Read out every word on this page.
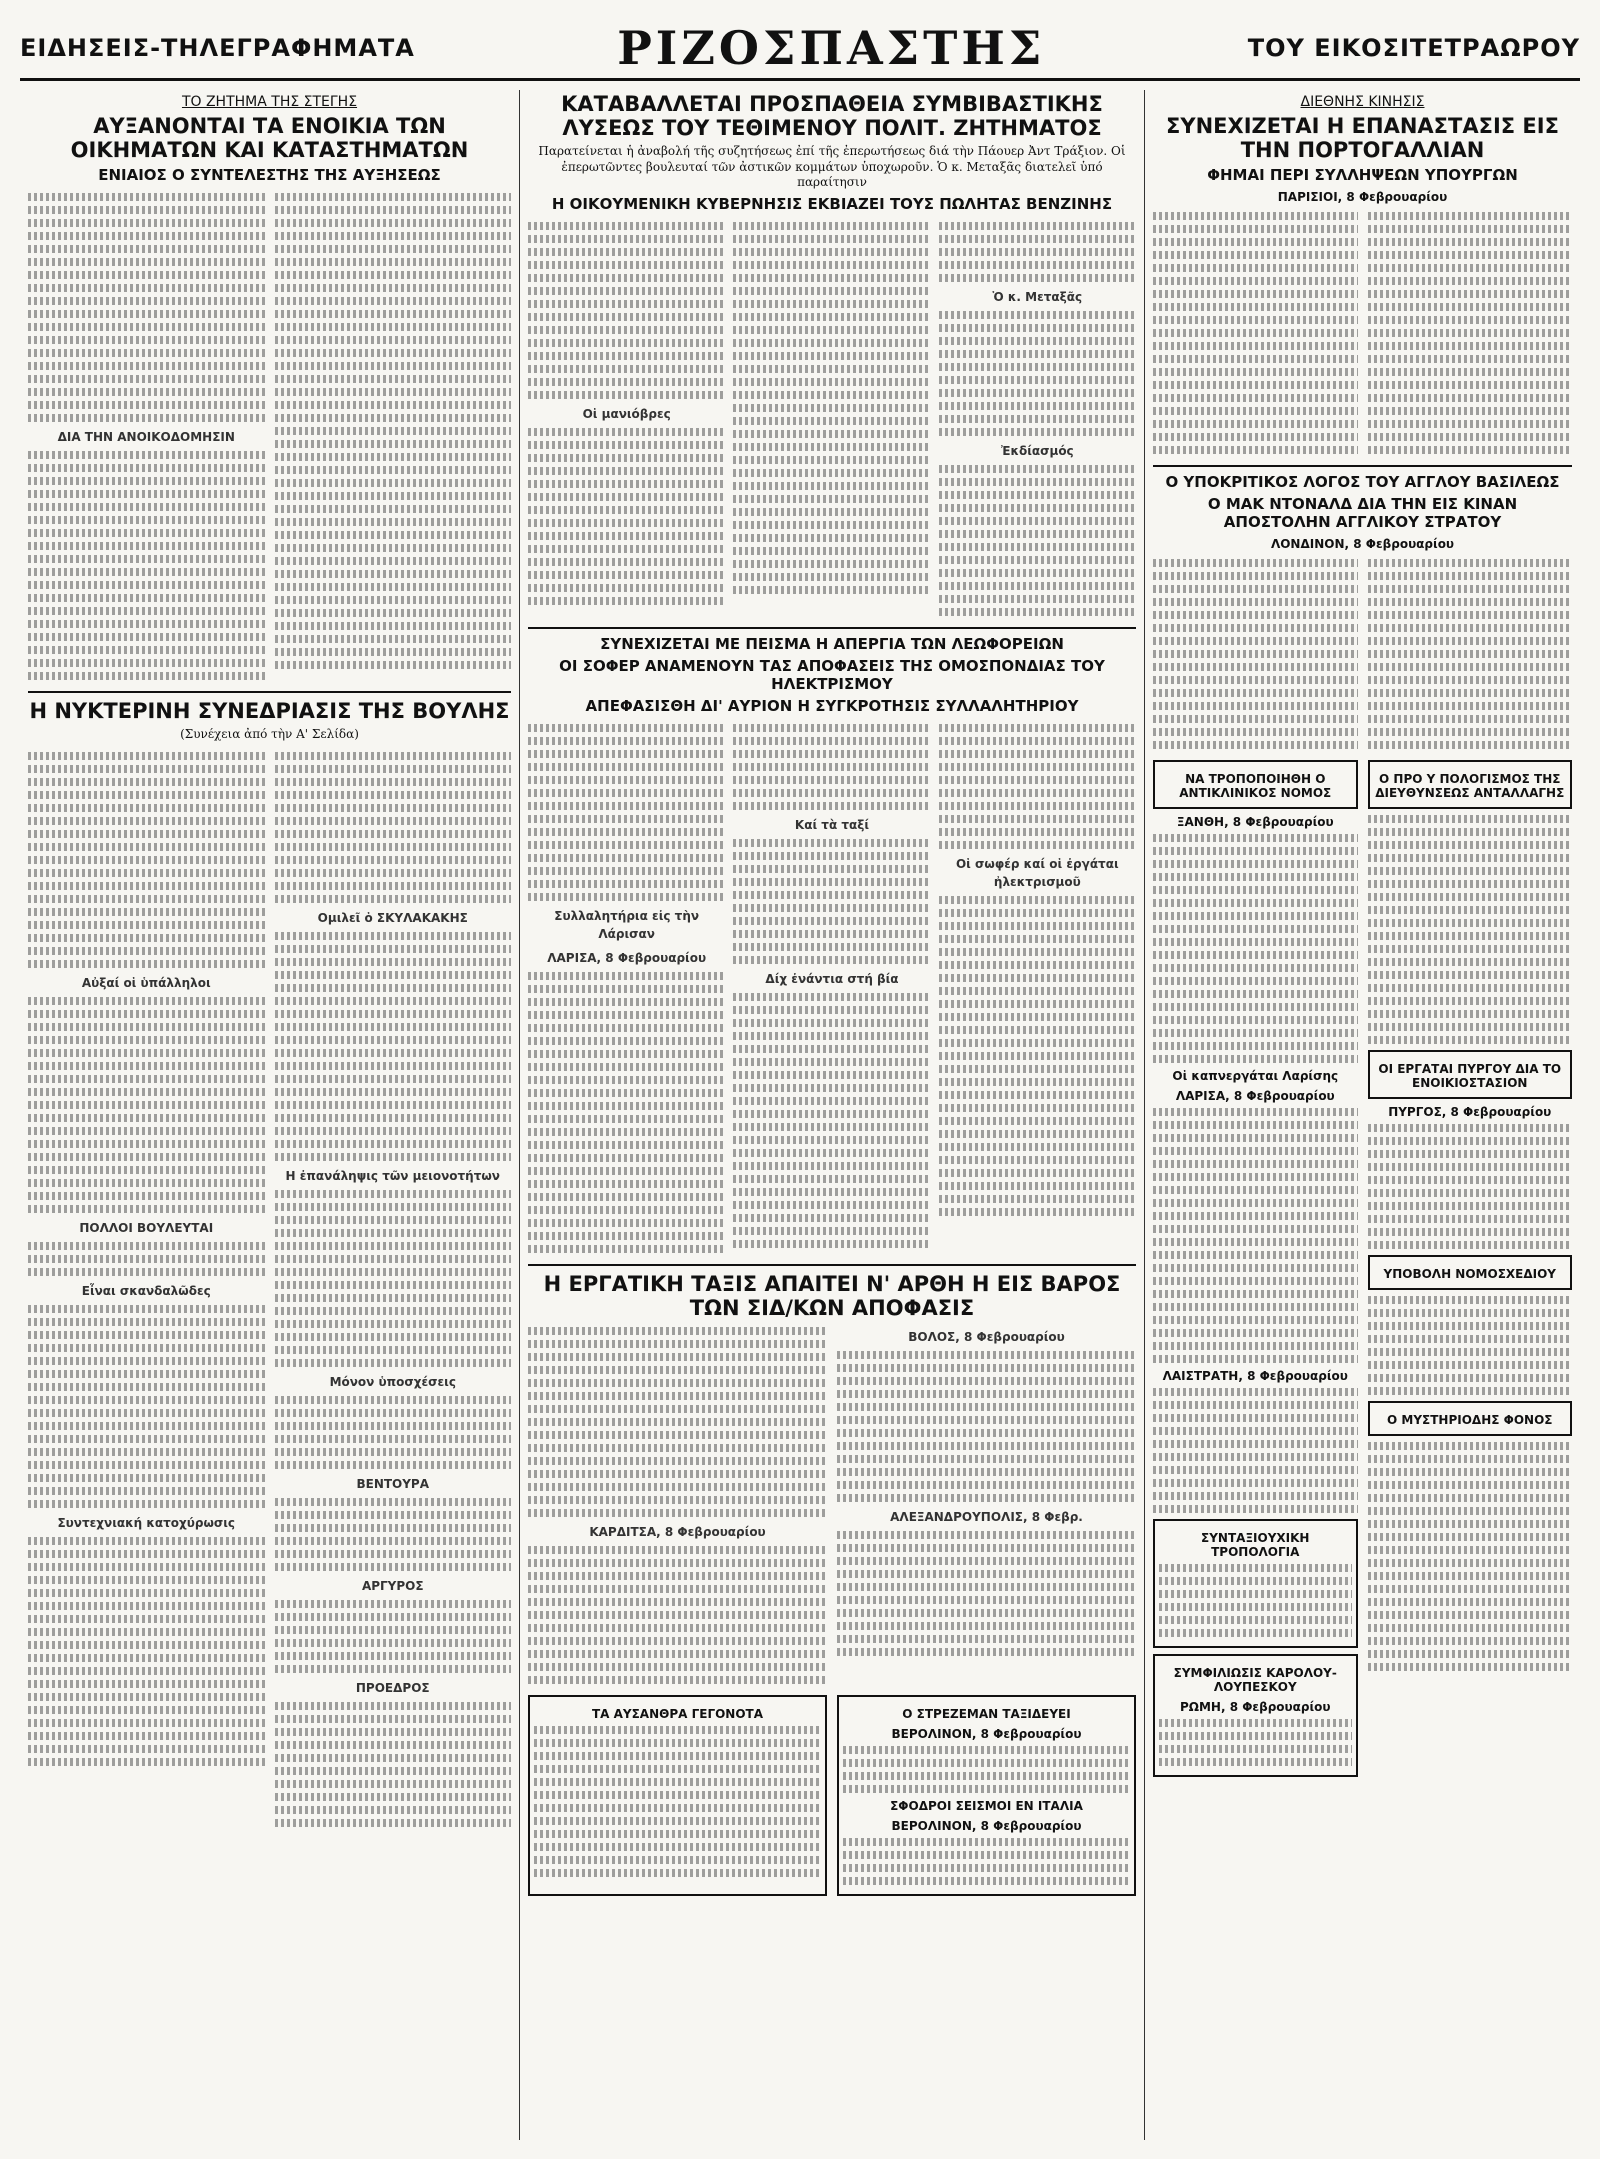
ΕΙΔΗΣΕΙΣ-ΤΗΛΕΓΡΑΦΗΜΑΤΑ	ΡΙΖΟΣΠΑΣΤΗΣ	ΤΟΥ ΕΙΚΟΣΙΤΕΤΡΑΩΡΟΥ
ΤΟ ΖΗΤΗΜΑ ΤΗΣ ΣΤΕΓΗΣ
ΑΥΞΑΝΟΝΤΑΙ ΤΑ ΕΝΟΙΚΙΑ ΤΩΝ ΟΙΚΗΜΑΤΩΝ ΚΑΙ ΚΑΤΑΣΤΗΜΑΤΩΝ
ΕΝΙΑΙΟΣ Ο ΣΥΝΤΕΛΕΣΤΗΣ ΤΗΣ ΑΥΞΗΣΕΩΣ
ΔΙΑ ΤΗΝ ΑΝΟΙΚΟΔΟΜΗΣΙΝ
Η ΝΥΚΤΕΡΙΝΗ ΣΥΝΕΔΡΙΑΣΙΣ ΤΗΣ ΒΟΥΛΗΣ
(Συνέχεια ἀπό τὴν Α' Σελίδα)
Αὐξαί οἱ ὑπάλληλοι
ΠΟΛΛΟΙ ΒΟΥΛΕΥΤΑΙ
Εἶναι σκανδαλῶδες
Συντεχνιακή κατοχύρωσις
Ομιλεῖ ὁ ΣΚΥΛΑΚΑΚΗΣ
Η ἐπανάληψις τῶν μειονοτήτων
Μόνον ὑποσχέσεις
ΒΕΝΤΟΥΡΑ
ΑΡΓΥΡΟΣ
ΠΡΟΕΔΡΟΣ
ΚΑΤΑΒΑΛΛΕΤΑΙ ΠΡΟΣΠΑΘΕΙΑ ΣΥΜΒΙΒΑΣΤΙΚΗΣ ΛΥΣΕΩΣ ΤΟΥ ΤΕΘΙΜΕΝΟΥ ΠΟΛΙΤ. ΖΗΤΗΜΑΤΟΣ
Παρατείνεται ἡ ἀναβολή τῆς συζητήσεως ἐπί τῆς ἐπερωτήσεως διά τὴν Πάουερ Ἀντ Τράξιον. Οἱ ἐπερωτῶντες βουλευταί τῶν ἀστικῶν κομμάτων ὑποχωροῦν. Ὁ κ. Μεταξᾶς διατελεῖ ὑπό παραίτησιν
Η ΟΙΚΟΥΜΕΝΙΚΗ ΚΥΒΕΡΝΗΣΙΣ ΕΚΒΙΑΖΕΙ ΤΟΥΣ ΠΩΛΗΤΑΣ ΒΕΝΖΙΝΗΣ
Οἱ μανιόβρες
Ὁ κ. Μεταξᾶς
Ἐκδίασμός
ΣΥΝΕΧΙΖΕΤΑΙ ΜΕ ΠΕΙΣΜΑ Η ΑΠΕΡΓΙΑ ΤΩΝ ΛΕΩΦΟΡΕΙΩΝ
ΟΙ ΣΟΦΕΡ ΑΝΑΜΕΝΟΥΝ ΤΑΣ ΑΠΟΦΑΣΕΙΣ ΤΗΣ ΟΜΟΣΠΟΝΔΙΑΣ ΤΟΥ ΗΛΕΚΤΡΙΣΜΟΥ
ΑΠΕΦΑΣΙΣΘΗ ΔΙ' ΑΥΡΙΟΝ Η ΣΥΓΚΡΟΤΗΣΙΣ ΣΥΛΛΑΛΗΤΗΡΙΟΥ
Συλλαλητήρια εἰς τὴν Λάρισαν
ΛΑΡΙΣΑ, 8 Φεβρουαρίου
Καί τὰ ταξί
Δίχ ἐνάντια στή βία
Οἱ σωφέρ καί οἱ ἐργάται ἠλεκτρισμοῦ
Η ΕΡΓΑΤΙΚΗ ΤΑΞΙΣ ΑΠΑΙΤΕΙ Ν' ΑΡΘΗ Η ΕΙΣ ΒΑΡΟΣ ΤΩΝ ΣΙΔ/ΚΩΝ ΑΠΟΦΑΣΙΣ
ΚΑΡΔΙΤΣΑ, 8 Φεβρουαρίου
ΒΟΛΟΣ, 8 Φεβρουαρίου
ΑΛΕΞΑΝΔΡΟΥΠΟΛΙΣ, 8 Φεβρ.
ΤΑ ΑΥΣΑΝΘΡΑ ΓΕΓΟΝΟΤΑ	Ο ΣΤΡΕΖΕΜΑΝ ΤΑΞΙΔΕΥΕΙ
ΒΕΡΟΛΙΝΟΝ, 8 Φεβρουαρίου
ΣΦΟΔΡΟΙ ΣΕΙΣΜΟΙ ΕΝ ΙΤΑΛΙΑ
ΒΕΡΟΛΙΝΟΝ, 8 Φεβρουαρίου
ΔΙΕΘΝΗΣ ΚΙΝΗΣΙΣ
ΣΥΝΕΧΙΖΕΤΑΙ Η ΕΠΑΝΑΣΤΑΣΙΣ ΕΙΣ ΤΗΝ ΠΟΡΤΟΓΑΛΛΙΑΝ
ΦΗΜΑΙ ΠΕΡΙ ΣΥΛΛΗΨΕΩΝ ΥΠΟΥΡΓΩΝ
ΠΑΡΙΣΙΟΙ, 8 Φεβρουαρίου
Ο ΥΠΟΚΡΙΤΙΚΟΣ ΛΟΓΟΣ ΤΟΥ ΑΓΓΛΟΥ ΒΑΣΙΛΕΩΣ
Ο ΜΑΚ ΝΤΟΝΑΛΔ ΔΙΑ ΤΗΝ ΕΙΣ ΚΙΝΑΝ ΑΠΟΣΤΟΛΗΝ ΑΓΓΛΙΚΟΥ ΣΤΡΑΤΟΥ
ΛΟΝΔΙΝΟΝ, 8 Φεβρουαρίου
ΝΑ ΤΡΟΠΟΠΟΙΗΘΗ Ο ΑΝΤΙΚΛΙΝΙΚΟΣ ΝΟΜΟΣ
ΞΑΝΘΗ, 8 Φεβρουαρίου
Οἱ καπνεργάται Λαρίσης
ΛΑΡΙΣΑ, 8 Φεβρουαρίου
ΛΑΙΣΤΡΑΤΗ, 8 Φεβρουαρίου
ΣΥΝΤΑΞΙΟΥΧΙΚΗ ΤΡΟΠΟΛΟΓΙΑ
ΣΥΜΦΙΛΙΩΣΙΣ ΚΑΡΟΛΟΥ-ΛΟΥΠΕΣΚΟΥ
ΡΩΜΗ, 8 Φεβρουαρίου
Ο ΠΡΟ Υ ΠΟΛΟΓΙΣΜΟΣ ΤΗΣ ΔΙΕΥΘΥΝΣΕΩΣ ΑΝΤΑΛΛΑΓΗΣ
ΟΙ ΕΡΓΑΤΑΙ ΠΥΡΓΟΥ ΔΙΑ ΤΟ ΕΝΟΙΚΙΟΣΤΑΣΙΟΝ
ΠΥΡΓΟΣ, 8 Φεβρουαρίου
ΥΠΟΒΟΛΗ ΝΟΜΟΣΧΕΔΙΟΥ
Ο ΜΥΣΤΗΡΙΟΔΗΣ ΦΟΝΟΣ
